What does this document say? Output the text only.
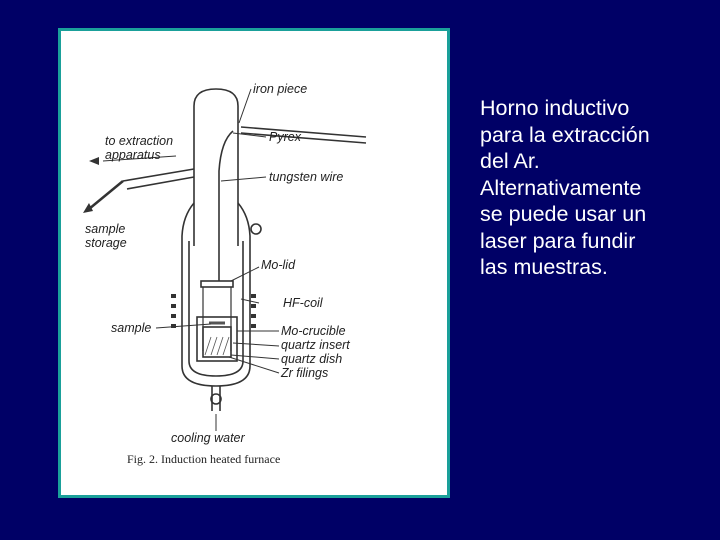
iron piece
to extraction
apparatus
Pyrex
tungsten wire
sample
storage
Mo-lid
HF-coil
sample	Mo-crucible
quartz insert
quartz dish
Zr filings
cooling water
Fig. 2. Induction heated furnace
Horno inductivo
para la extracción
del Ar.
Alternativamente
se puede usar un
laser para fundir
las muestras.
